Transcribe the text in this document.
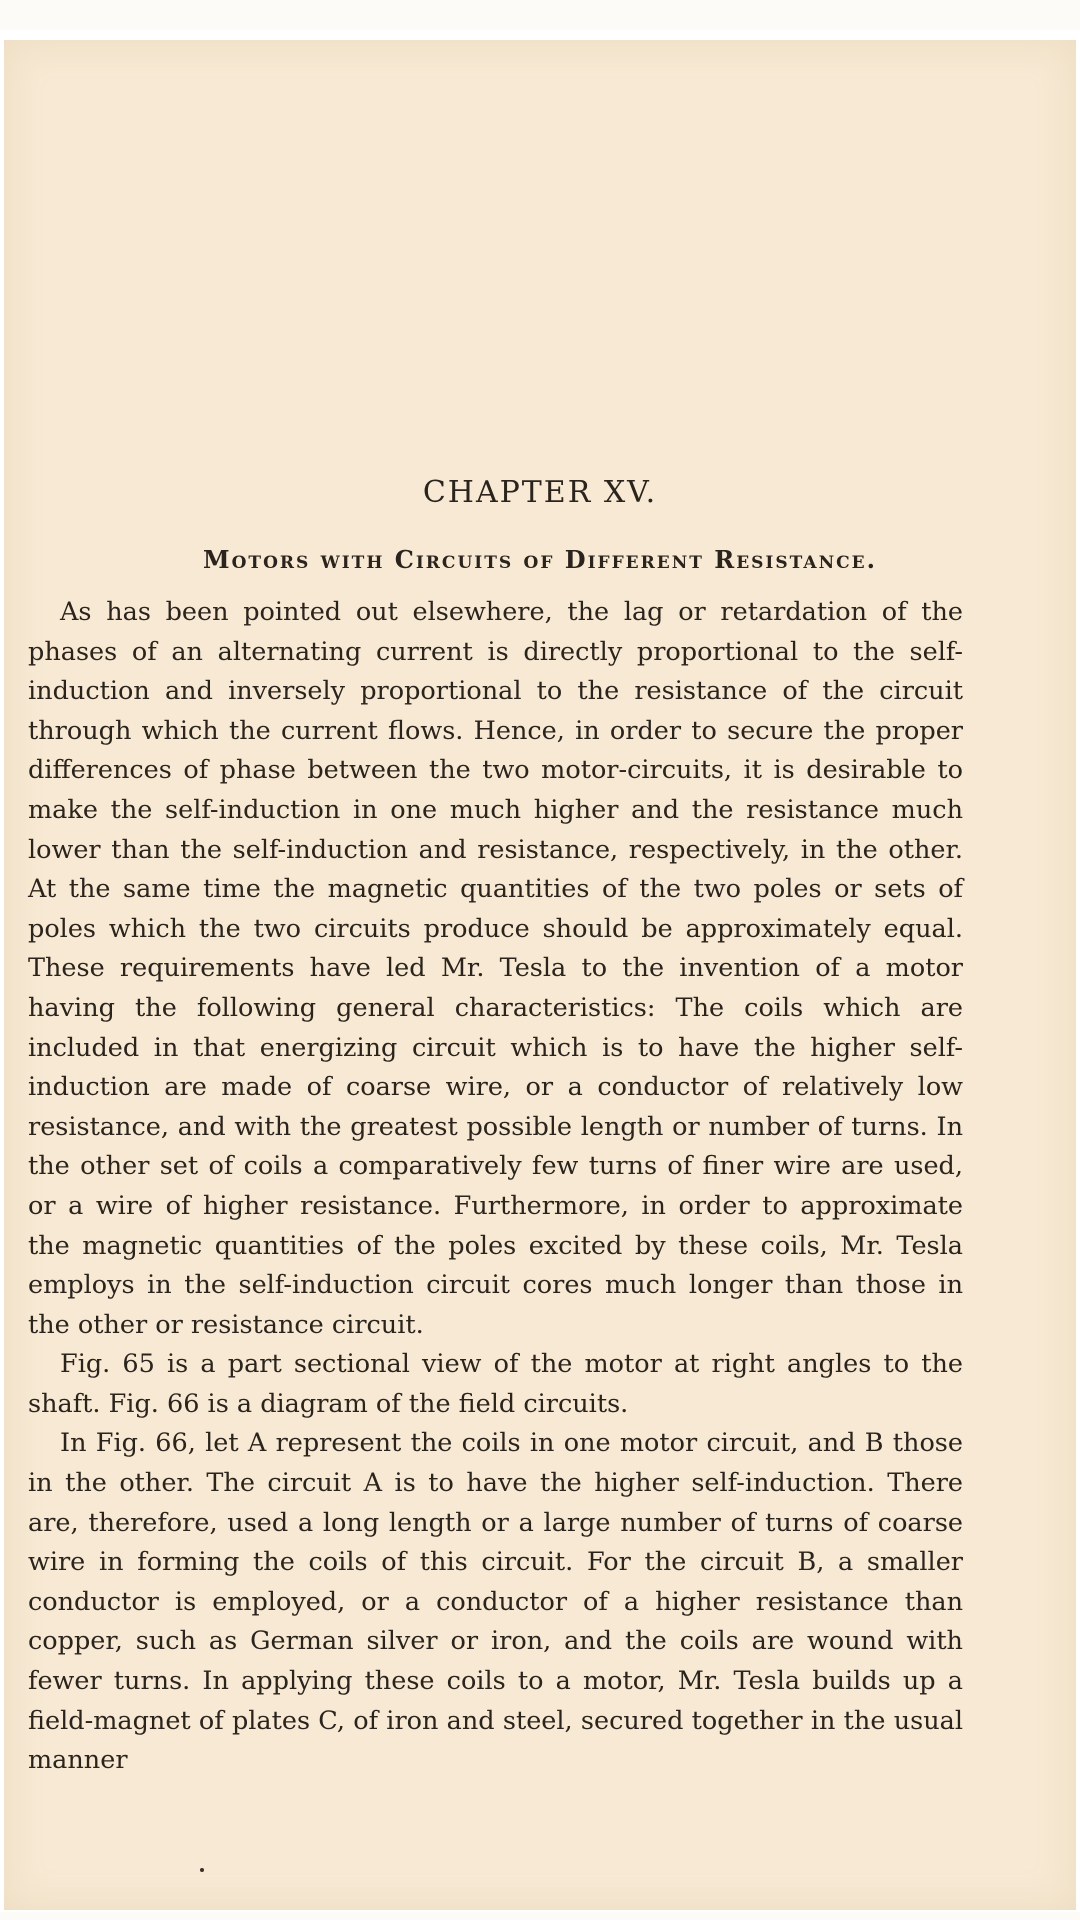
CHAPTER XV.
Motors with Circuits of Different Resistance.

As has been pointed out elsewhere, the lag or retardation of the phases of an alternating current is directly proportional to the self-induction and inversely proportional to the resistance of the circuit through which the current flows. Hence, in order to secure the proper differences of phase between the two motor-circuits, it is desirable to make the self-induction in one much higher and the resistance much lower than the self-induction and resistance, respectively, in the other. At the same time the magnetic quantities of the two poles or sets of poles which the two circuits produce should be approximately equal. These requirements have led Mr. Tesla to the invention of a motor having the following general characteristics: The coils which are included in that energizing circuit which is to have the higher self-induction are made of coarse wire, or a conductor of relatively low resistance, and with the greatest possible length or number of turns. In the other set of coils a comparatively few turns of finer wire are used, or a wire of higher resistance. Furthermore, in order to approximate the magnetic quantities of the poles excited by these coils, Mr. Tesla employs in the self-induction circuit cores much longer than those in the other or resistance circuit.

Fig. 65 is a part sectional view of the motor at right angles to the shaft. Fig. 66 is a diagram of the field circuits.

In Fig. 66, let A represent the coils in one motor circuit, and B those in the other. The circuit A is to have the higher self-induction. There are, therefore, used a long length or a large number of turns of coarse wire in forming the coils of this circuit. For the circuit B, a smaller conductor is employed, or a conductor of a higher resistance than copper, such as German silver or iron, and the coils are wound with fewer turns. In applying these coils to a motor, Mr. Tesla builds up a field-magnet of plates C, of iron and steel, secured together in the usual manner
